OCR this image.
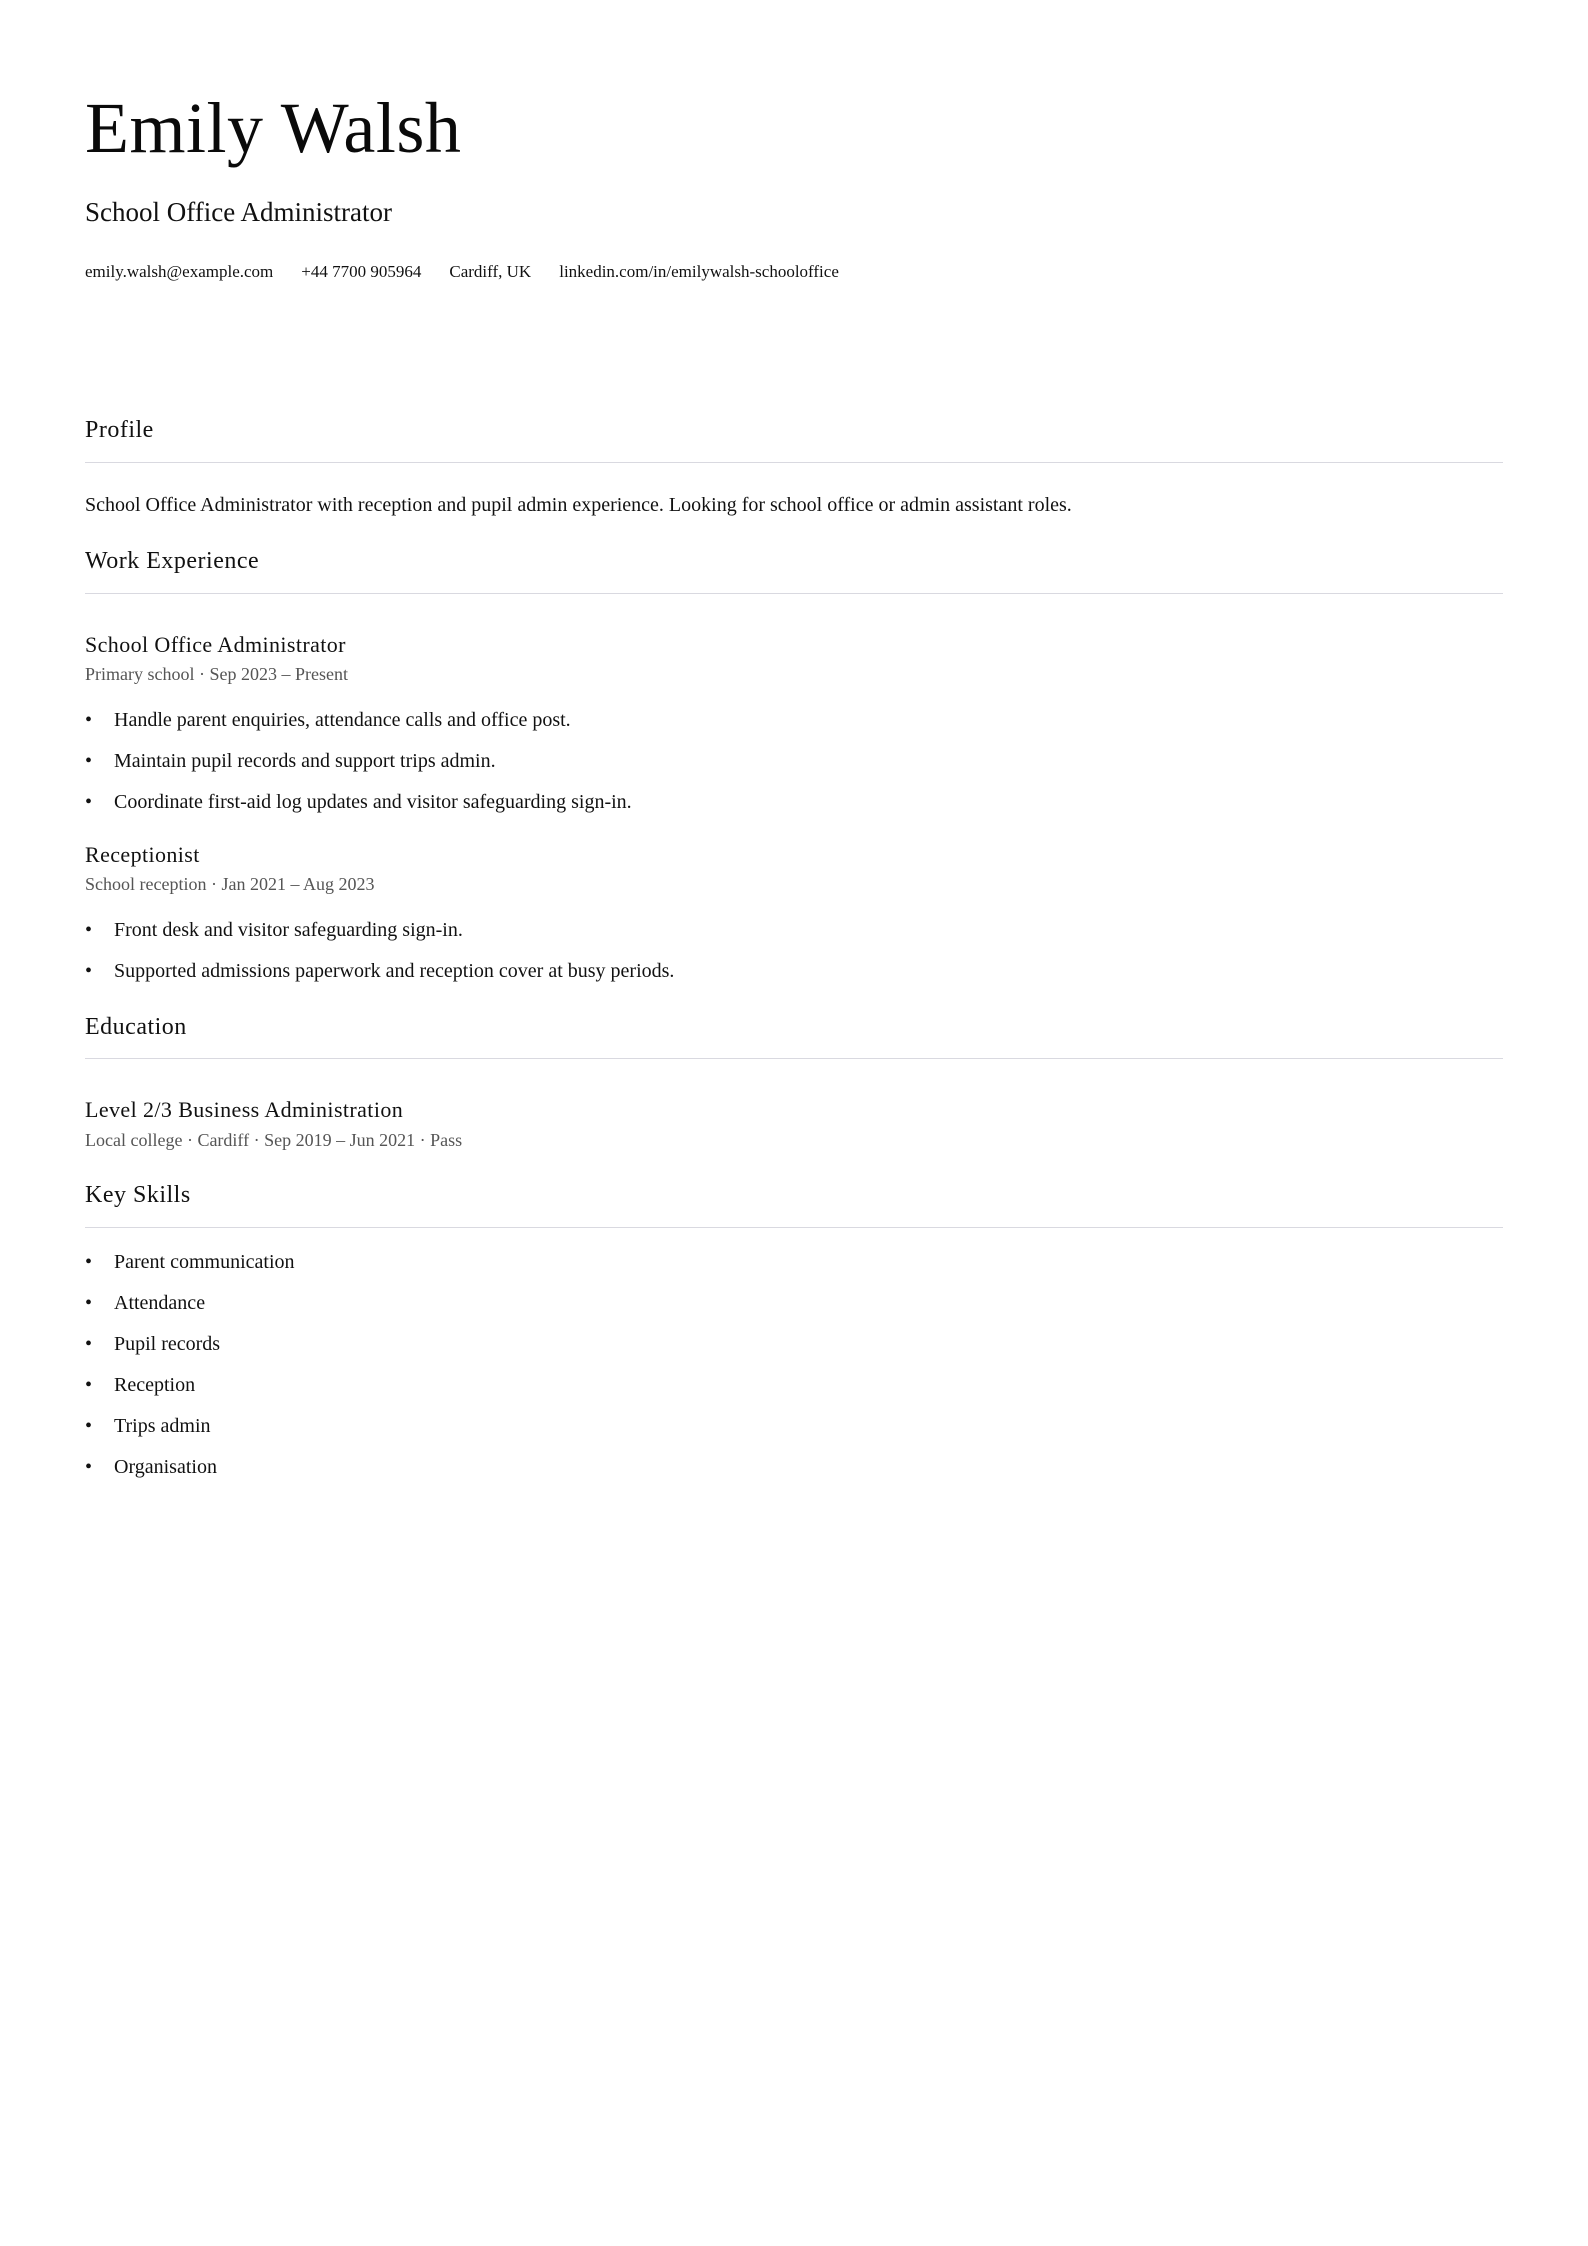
Emily Walsh
School Office Administrator
emily.walsh@example.com +44 7700 905964 Cardiff, UK linkedin.com/in/emilywalsh-schooloffice
Profile

School Office Administrator with reception and pupil admin experience. Looking for school office or admin assistant roles.

Work Experience
School Office Administrator

Primary school · Sep 2023 – Present

• Handle parent enquiries, attendance calls and office post.
• Maintain pupil records and support trips admin.
• Coordinate first-aid log updates and visitor safeguarding sign-in.
Receptionist

School reception · Jan 2021 – Aug 2023

• Front desk and visitor safeguarding sign-in.
• Supported admissions paperwork and reception cover at busy periods.
Education
Level 2/3 Business Administration

Local college · Cardiff · Sep 2019 – Jun 2021 · Pass

Key Skills
• Parent communication
• Attendance
• Pupil records
• Reception
• Trips admin
• Organisation
